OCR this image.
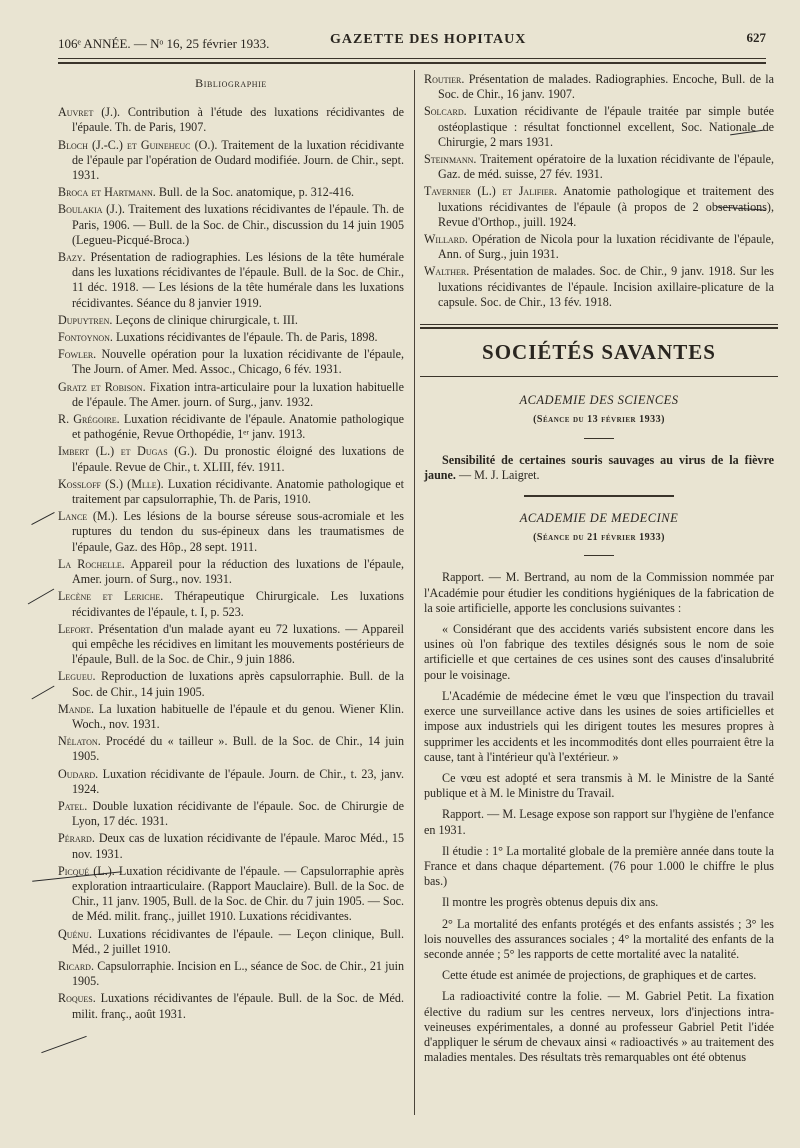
106ᵉ ANNÉE. — Nᵒ 16, 25 février 1933.	GAZETTE DES HOPITAUX	627
Bibliographie

Auvret (J.). Contribution à l'étude des luxations récidivantes de l'épaule. Th. de Paris, 1907.

Bloch (J.-C.) et Guineheuc (O.). Traitement de la luxation récidivante de l'épaule par l'opération de Oudard modifiée. Journ. de Chir., sept. 1931.

Broca et Hartmann. Bull. de la Soc. anatomique, p. 312-416.

Boulakia (J.). Traitement des luxations récidivantes de l'épaule. Th. de Paris, 1906. — Bull. de la Soc. de Chir., discussion du 14 juin 1905 (Legueu-Picqué-Broca.)

Bazy. Présentation de radiographies. Les lésions de la tête humérale dans les luxations récidivantes de l'épaule. Bull. de la Soc. de Chir., 11 déc. 1918. — Les lésions de la tête humérale dans les luxations récidivantes. Séance du 8 janvier 1919.

Dupuytren. Leçons de clinique chirurgicale, t. III.

Fontoynon. Luxations récidivantes de l'épaule. Th. de Paris, 1898.

Fowler. Nouvelle opération pour la luxation récidivante de l'épaule, The Journ. of Amer. Med. Assoc., Chicago, 6 fév. 1931.

Gratz et Robison. Fixation intra-articulaire pour la luxation habituelle de l'épaule. The Amer. journ. of Surg., janv. 1932.

R. Grégoire. Luxation récidivante de l'épaule. Anatomie pathologique et pathogénie, Revue Orthopédie, 1ᵉʳ janv. 1913.

Imbert (L.) et Dugas (G.). Du pronostic éloigné des luxations de l'épaule. Revue de Chir., t. XLIII, fév. 1911.

Kossloff (S.) (Mlle). Luxation récidivante. Anatomie pathologique et traitement par capsulorraphie, Th. de Paris, 1910.

Lance (M.). Les lésions de la bourse séreuse sous-acromiale et les ruptures du tendon du sus-épineux dans les traumatismes de l'épaule, Gaz. des Hôp., 28 sept. 1911.

La Rochelle. Appareil pour la réduction des luxations de l'épaule, Amer. journ. of Surg., nov. 1931.

Lecène et Leriche. Thérapeutique Chirurgicale. Les luxations récidivantes de l'épaule, t. I, p. 523.

Lefort. Présentation d'un malade ayant eu 72 luxations. — Appareil qui empêche les récidives en limitant les mouvements postérieurs de l'épaule, Bull. de la Soc. de Chir., 9 juin 1886.

Legueu. Reproduction de luxations après capsulorraphie. Bull. de la Soc. de Chir., 14 juin 1905.

Mande. La luxation habituelle de l'épaule et du genou. Wiener Klin. Woch., nov. 1931.

Nélaton. Procédé du « tailleur ». Bull. de la Soc. de Chir., 14 juin 1905.

Oudard. Luxation récidivante de l'épaule. Journ. de Chir., t. 23, janv. 1924.

Patel. Double luxation récidivante de l'épaule. Soc. de Chirurgie de Lyon, 17 déc. 1931.

Pérard. Deux cas de luxation récidivante de l'épaule. Maroc Méd., 15 nov. 1931.

Picqué (L.). Luxation récidivante de l'épaule. — Capsulorraphie après exploration intraarticulaire. (Rapport Mauclaire). Bull. de la Soc. de Chir., 11 janv. 1905, Bull. de la Soc. de Chir. du 7 juin 1905. — Soc. de Méd. milit. franç., juillet 1910. Luxations récidivantes.

Quénu. Luxations récidivantes de l'épaule. — Leçon clinique, Bull. Méd., 2 juillet 1910.

Ricard. Capsulorraphie. Incision en L., séance de Soc. de Chir., 21 juin 1905.

Roques. Luxations récidivantes de l'épaule. Bull. de la Soc. de Méd. milit. franç., août 1931.

Routier. Présentation de malades. Radiographies. Encoche, Bull. de la Soc. de Chir., 16 janv. 1907.

Solcard. Luxation récidivante de l'épaule traitée par simple butée ostéoplastique : résultat fonctionnel excellent, Soc. Nationale de Chirurgie, 2 mars 1931.

Steinmann. Traitement opératoire de la luxation récidivante de l'épaule, Gaz. de méd. suisse, 27 fév. 1931.

Tavernier (L.) et Jalifier. Anatomie pathologique et traitement des luxations récidivantes de l'épaule (à propos de 2 observations), Revue d'Orthop., juill. 1924.

Willard. Opération de Nicola pour la luxation récidivante de l'épaule, Ann. of Surg., juin 1931.

Walther. Présentation de malades. Soc. de Chir., 9 janv. 1918. Sur les luxations récidivantes de l'épaule. Incision axillaire-plicature de la capsule. Soc. de Chir., 13 fév. 1918.

SOCIÉTÉS SAVANTES

ACADEMIE DES SCIENCES

(Séance du 13 février 1933)

Sensibilité de certaines souris sauvages au virus de la fièvre jaune. — M. J. Laigret.

ACADEMIE DE MEDECINE

(Séance du 21 février 1933)

Rapport. — M. Bertrand, au nom de la Commission nommée par l'Académie pour étudier les conditions hygiéniques de la fabrication de la soie artificielle, apporte les conclusions suivantes :

« Considérant que des accidents variés subsistent encore dans les usines où l'on fabrique des textiles désignés sous le nom de soie artificielle et que certaines de ces usines sont des causes d'insalubrité pour le voisinage.

L'Académie de médecine émet le vœu que l'inspection du travail exerce une surveillance active dans les usines de soies artificielles et impose aux industriels qui les dirigent toutes les mesures propres à supprimer les accidents et les incommodités dont elles pourraient être la cause, tant à l'intérieur qu'à l'extérieur. »

Ce vœu est adopté et sera transmis à M. le Ministre de la Santé publique et à M. le Ministre du Travail.

Rapport. — M. Lesage expose son rapport sur l'hygiène de l'enfance en 1931.

Il étudie : 1° La mortalité globale de la première année dans toute la France et dans chaque département. (76 pour 1.000 le chiffre le plus bas.)

Il montre les progrès obtenus depuis dix ans.

2° La mortalité des enfants protégés et des enfants assistés ; 3° les lois nouvelles des assurances sociales ; 4° la mortalité des enfants de la seconde année ; 5° les rapports de cette mortalité avec la natalité.

Cette étude est animée de projections, de graphiques et de cartes.

La radioactivité contre la folie. — M. Gabriel Petit. La fixation élective du radium sur les centres nerveux, lors d'injections intra-veineuses expérimentales, a donné au professeur Gabriel Petit l'idée d'appliquer le sérum de chevaux ainsi « radioactivés » au traitement des maladies mentales. Des résultats très remarquables ont été obtenus
